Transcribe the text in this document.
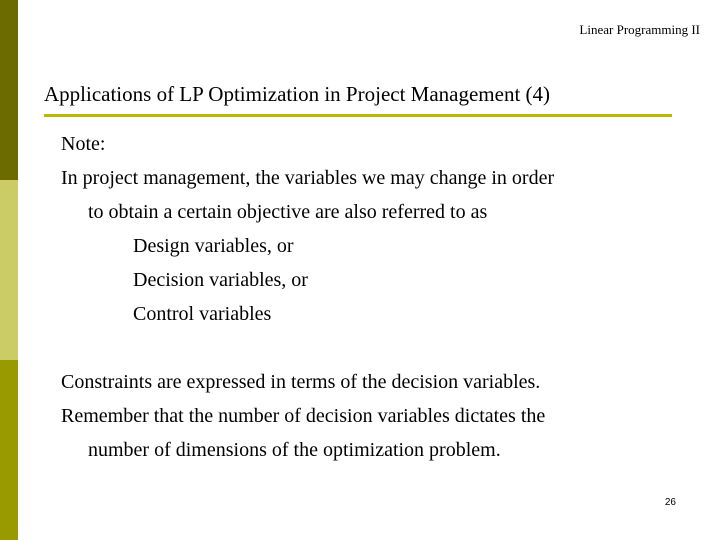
Linear Programming II
Applications of LP Optimization in Project Management (4)

Note:

In project management, the variables we may change in order

to obtain a certain objective are also referred to as

Design variables, or

Decision variables, or

Control variables

Constraints are expressed in terms of the decision variables.

Remember that the number of decision variables dictates the

number of dimensions of the optimization problem.

26
